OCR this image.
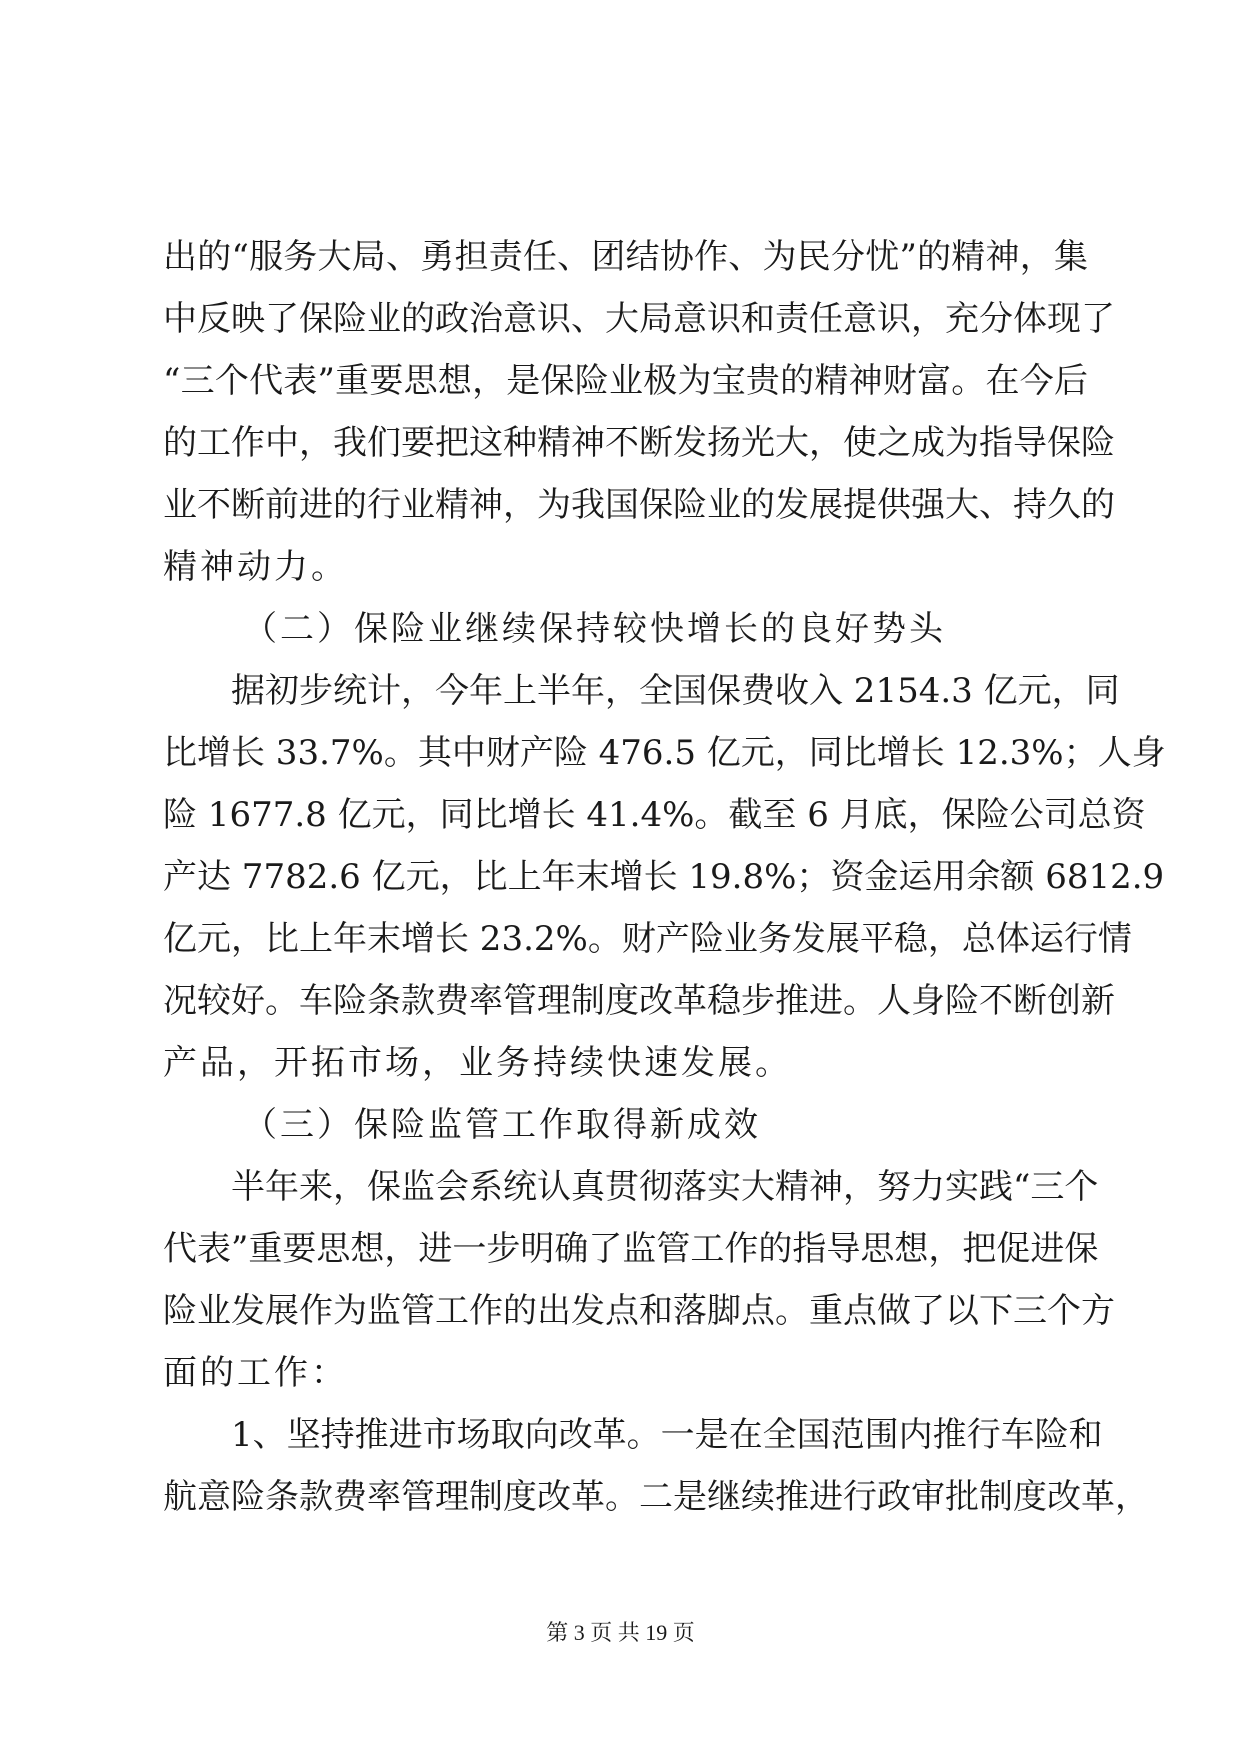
出的“服务大局、勇担责任、团结协作、为民分忧”的精神，集
中反映了保险业的政治意识、大局意识和责任意识，充分体现了
“三个代表”重要思想，是保险业极为宝贵的精神财富。在今后
的工作中，我们要把这种精神不断发扬光大，使之成为指导保险
业不断前进的行业精神，为我国保险业的发展提供强大、持久的
精神动力。
（二）保险业继续保持较快增长的良好势头
据初步统计，今年上半年，全国保费收入 2154.3 亿元，同
比增长 33.7%。其中财产险 476.5 亿元，同比增长 12.3%；人身
险 1677.8 亿元，同比增长 41.4%。截至 6 月底，保险公司总资
产达 7782.6 亿元，比上年末增长 19.8%；资金运用余额 6812.9
亿元，比上年末增长 23.2%。财产险业务发展平稳，总体运行情
况较好。车险条款费率管理制度改革稳步推进。人身险不断创新
产品，开拓市场，业务持续快速发展。
（三）保险监管工作取得新成效
半年来，保监会系统认真贯彻落实大精神，努力实践“三个
代表”重要思想，进一步明确了监管工作的指导思想，把促进保
险业发展作为监管工作的出发点和落脚点。重点做了以下三个方
面的工作：
1、坚持推进市场取向改革。一是在全国范围内推行车险和
航意险条款费率管理制度改革。二是继续推进行政审批制度改革，
第 3 页 共 19 页
